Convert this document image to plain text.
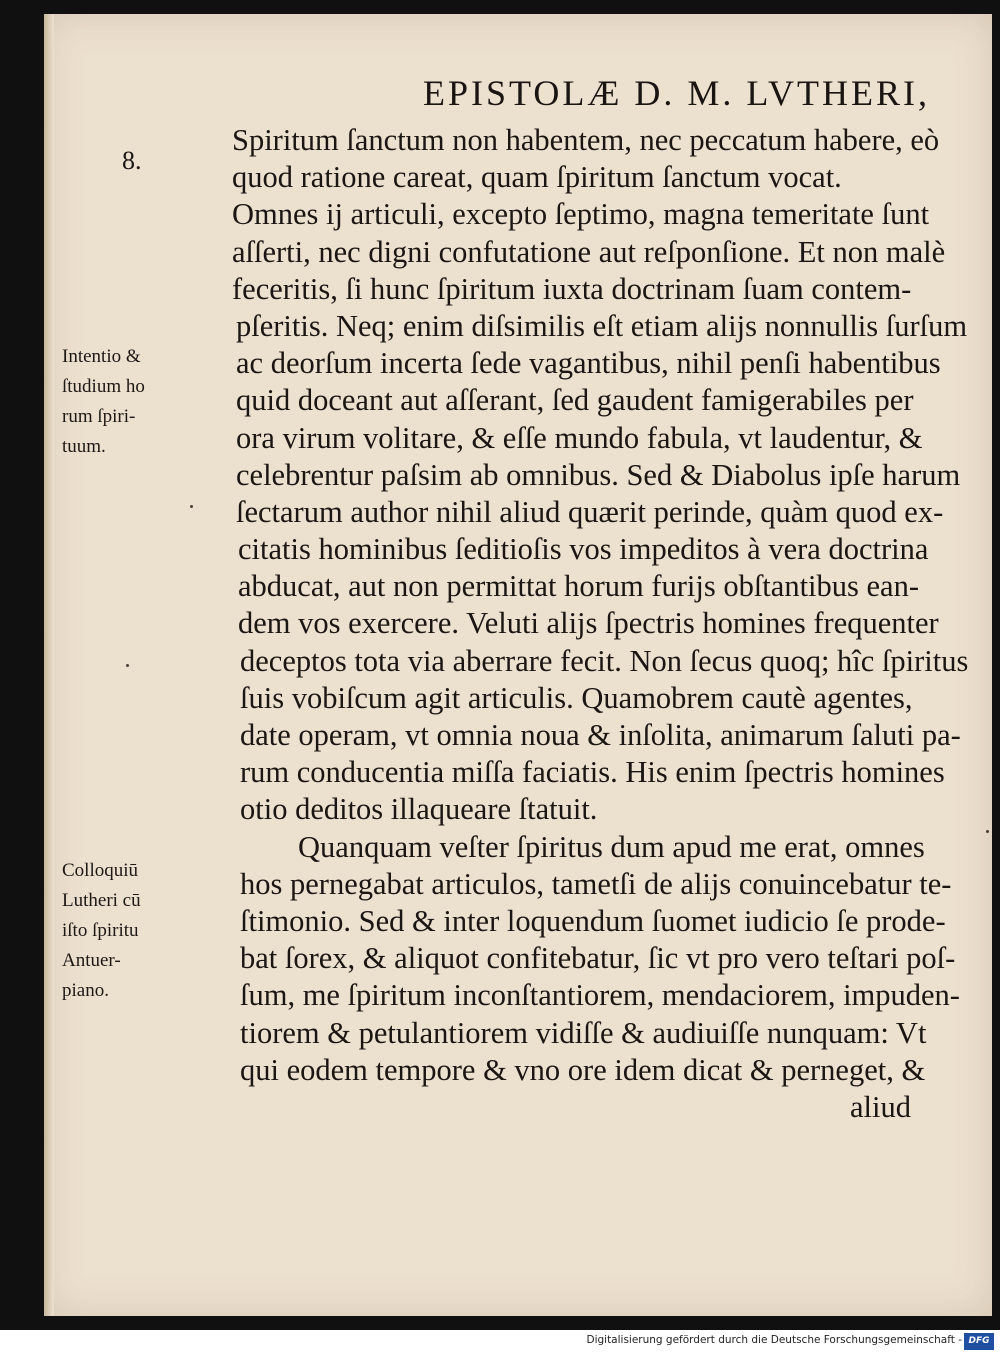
EPISTOLÆ D. M. LVTHERI,
8.
Spiritum ſanctum non habentem, nec peccatum habere, eò
quod ratione careat, quam ſpiritum ſanctum vocat.
Omnes ij articuli, excepto ſeptimo, magna temeritate ſunt
aſſerti, nec digni confutatione aut reſponſione. Et non malè
feceritis, ſi hunc ſpiritum iuxta doctrinam ſuam contem-
pſeritis. Neq; enim diſsimilis eſt etiam alijs nonnullis ſurſum
ac deorſum incerta ſede vagantibus, nihil penſi habentibus
quid doceant aut aſſerant, ſed gaudent famigerabiles per
ora virum volitare, & eſſe mundo fabula, vt laudentur, &
celebrentur paſsim ab omnibus. Sed & Diabolus ipſe harum
ſectarum author nihil aliud quærit perinde, quàm quod ex-
citatis hominibus ſeditioſis vos impeditos à vera doctrina
abducat, aut non permittat horum furijs obſtantibus ean-
dem vos exercere. Veluti alijs ſpectris homines frequenter
deceptos tota via aberrare fecit. Non ſecus quoq; hîc ſpiritus
ſuis vobiſcum agit articulis. Quamobrem cautè agentes,
date operam, vt omnia noua & inſolita, animarum ſaluti pa-
rum conducentia miſſa faciatis. His enim ſpectris homines
otio deditos illaqueare ſtatuit.
Quanquam veſter ſpiritus dum apud me erat, omnes
hos pernegabat articulos, tametſi de alijs conuincebatur te-
ſtimonio. Sed & inter loquendum ſuomet iudicio ſe prode-
bat ſorex, & aliquot confitebatur, ſic vt pro vero teſtari poſ-
ſum, me ſpiritum inconſtantiorem, mendaciorem, impuden-
tiorem & petulantiorem vidiſſe & audiuiſſe nunquam: Vt
qui eodem tempore & vno ore idem dicat & perneget, &
aliud
Intentio &
ſtudium ho
rum ſpiri-
tuum.
Colloquiū
Lutheri cū
iſto ſpiritu
Antuer-
piano.
Digitalisierung gefördert durch die Deutsche Forschungsgemeinschaft - DFG
